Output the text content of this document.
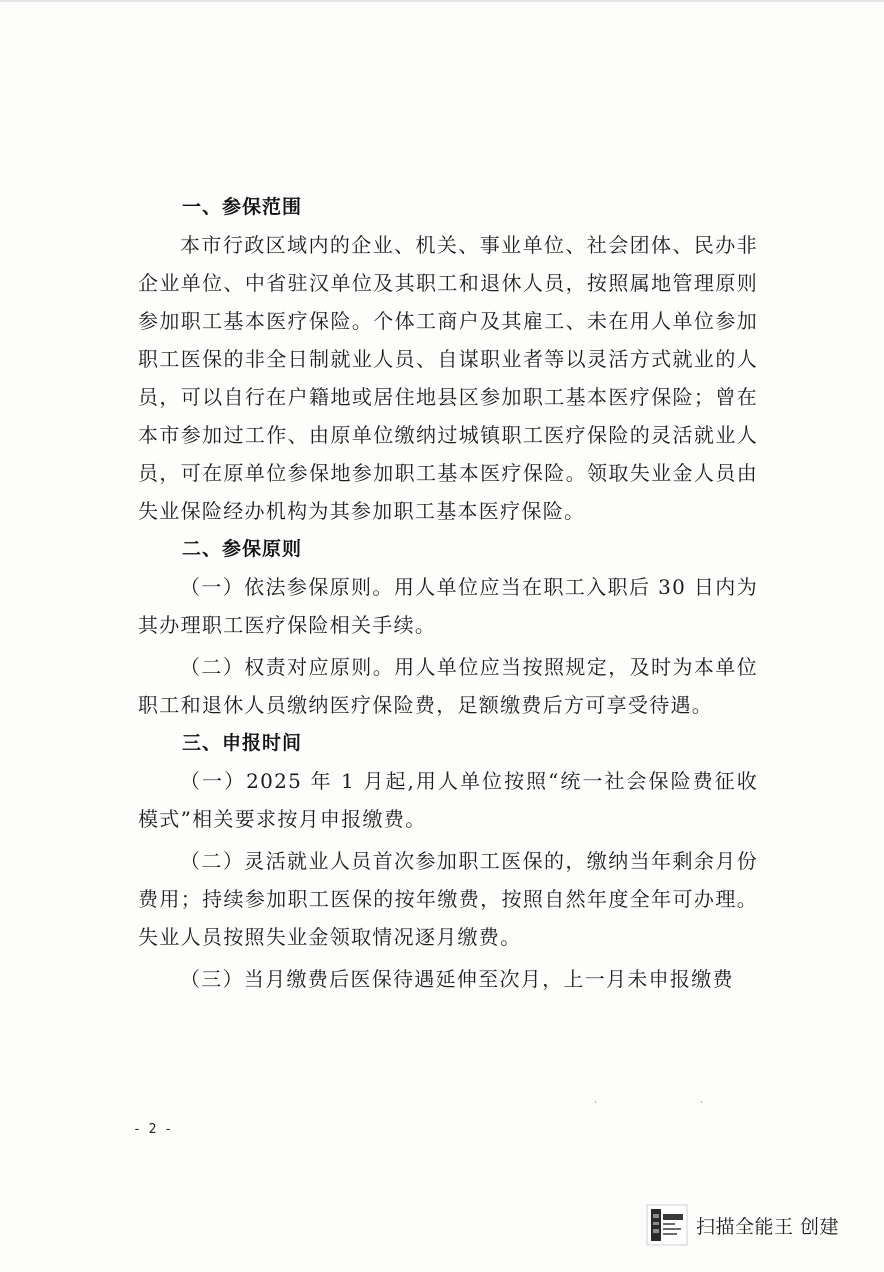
一、参保范围

本市行政区域内的企业、机关、事业单位、社会团体、民办非企业单位、中省驻汉单位及其职工和退休人员，按照属地管理原则参加职工基本医疗保险。个体工商户及其雇工、未在用人单位参加职工医保的非全日制就业人员、自谋职业者等以灵活方式就业的人员，可以自行在户籍地或居住地县区参加职工基本医疗保险；曾在本市参加过工作、由原单位缴纳过城镇职工医疗保险的灵活就业人员，可在原单位参保地参加职工基本医疗保险。领取失业金人员由失业保险经办机构为其参加职工基本医疗保险。

二、参保原则

（一）依法参保原则。用人单位应当在职工入职后 30 日内为其办理职工医疗保险相关手续。

（二）权责对应原则。用人单位应当按照规定，及时为本单位职工和退休人员缴纳医疗保险费，足额缴费后方可享受待遇。

三、申报时间

（一）2025 年 1 月起,用人单位按照“统一社会保险费征收模式”相关要求按月申报缴费。

（二）灵活就业人员首次参加职工医保的，缴纳当年剩余月份费用；持续参加职工医保的按年缴费，按照自然年度全年可办理。失业人员按照失业金领取情况逐月缴费。

（三）当月缴费后医保待遇延伸至次月，上一月未申报缴费

·	·
- 2 -
扫描全能王 创建
